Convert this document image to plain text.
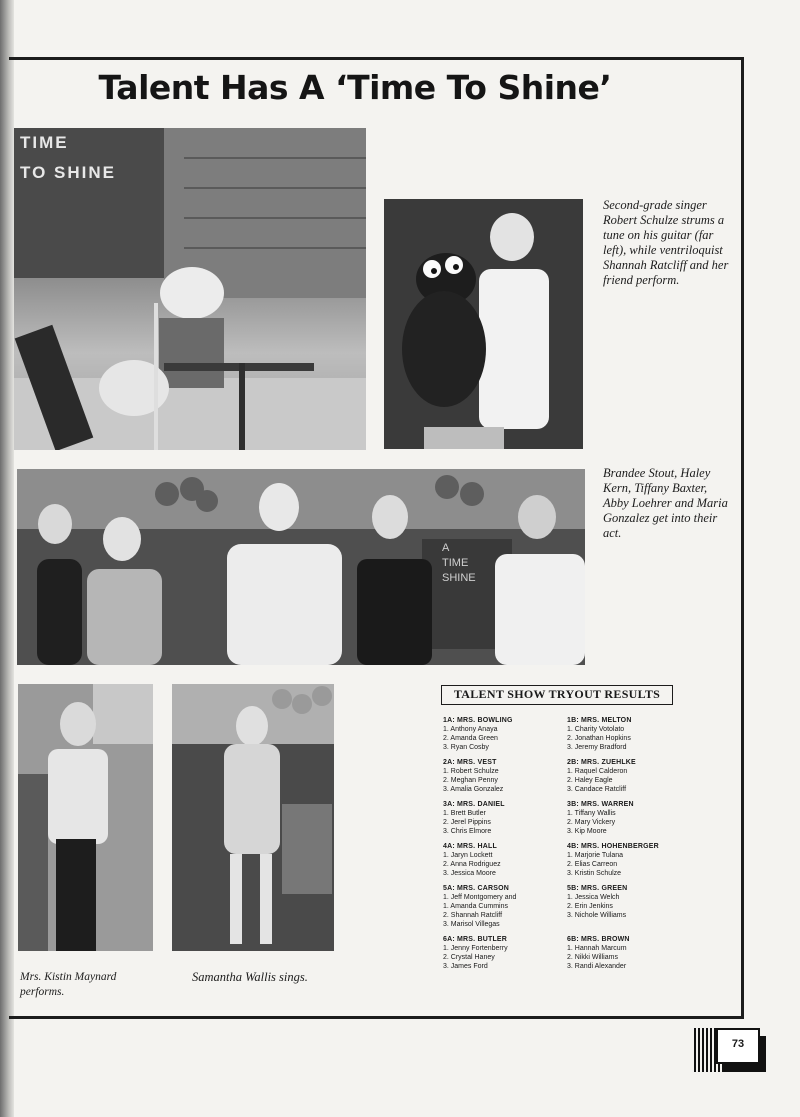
Talent Has A ‘Time To Shine’
TIME
TO SHINE
A
TIME
SHINE
Second-grade singer Robert Schulze strums a tune on his guitar (far left), while ventriloquist Shannah Ratcliff and her friend perform.
Brandee Stout, Haley Kern, Tiffany Baxter, Abby Loehrer and Maria Gonzalez get into their act.
Mrs. Kistin Maynard performs.
Samantha Wallis sings.
TALENT SHOW TRYOUT RESULTS
1A: MRS. BOWLING
1. Anthony Anaya
2. Amanda Green
3. Ryan Cosby
1B: MRS. MELTON
1. Charity Votolato
2. Jonathan Hopkins
3. Jeremy Bradford
2A: MRS. VEST
1. Robert Schulze
2. Meghan Penny
3. Amalia Gonzalez
2B: MRS. ZUEHLKE
1. Raquel Calderon
2. Haley Eagle
3. Candace Ratcliff
3A: MRS. DANIEL
1. Brett Butler
2. Jerel Pippins
3. Chris Elmore
3B: MRS. WARREN
1. Tiffany Wallis
2. Mary Vickery
3. Kip Moore
4A: MRS. HALL
1. Jaryn Lockett
2. Anna Rodriguez
3. Jessica Moore
4B: MRS. HOHENBERGER
1. Marjorie Tulana
2. Elias Carreon
3. Kristin Schulze
5A: MRS. CARSON
1. Jeff Montgomery and
1. Amanda Cummins
2. Shannah Ratcliff
3. Marisol Villegas
5B: MRS. GREEN
1. Jessica Welch
2. Erin Jenkins
3. Nichole Williams
6A: MRS. BUTLER
1. Jenny Fortenberry
2. Crystal Haney
3. James Ford
6B: MRS. BROWN
1. Hannah Marcum
2. Nikki Williams
3. Randi Alexander
73
